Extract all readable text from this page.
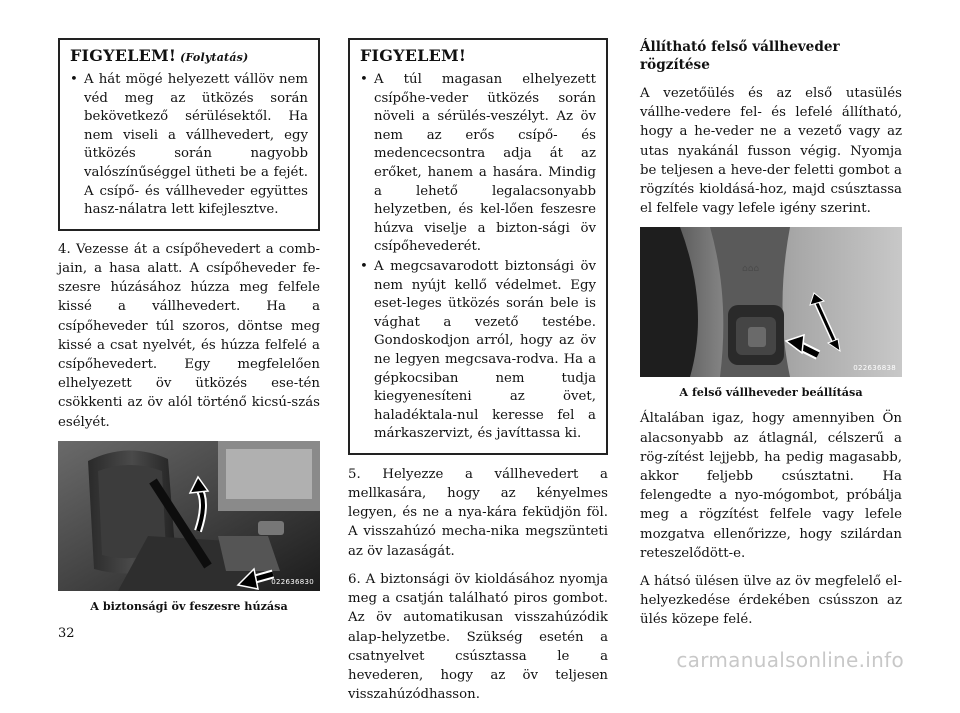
FIGYELEM! (Folytatás)
• A hát mögé helyezett vállöv nem véd meg az ütközés során bekövetkező sérülésektől. Ha nem viseli a vállhevedert, egy ütközés során nagyobb valószínűséggel ütheti be a fejét. A csípő- és vállheveder együttes hasz-nálatra lett kifejlesztve.

4. Vezesse át a csípőhevedert a comb-jain, a hasa alatt. A csípőheveder fe-szesre húzásához húzza meg felfele kissé a vállhevedert. Ha a csípőheveder túl szoros, döntse meg kissé a csat nyelvét, és húzza felfelé a csípőhevedert. Egy megfelelően elhelyezett öv ütközés ese-tén csökkenti az öv alól történő kicsú-szás esélyét.

022636830
A biztonsági öv feszesre húzása
FIGYELEM!
• A túl magasan elhelyezett csípőhe-veder ütközés során növeli a sérülés-veszélyt. Az öv nem az erős csípő- és medencecsontra adja át az erőket, hanem a hasára. Mindig a lehető legalacsonyabb helyzetben, és kel-lően feszesre húzva viselje a bizton-sági öv csípőhevederét.
• A megcsavarodott biztonsági öv nem nyújt kellő védelmet. Egy eset-leges ütközés során bele is vághat a vezető testébe. Gondoskodjon arról, hogy az öv ne legyen megcsava-rodva. Ha a gépkocsiban nem tudja kiegyenesíteni az övet, haladéktala-nul keresse fel a márkaszervizt, és javíttassa ki.

5. Helyezze a vállhevedert a mellkasára, hogy az kényelmes legyen, és ne a nya-kára feküdjön föl. A visszahúzó mecha-nika megszünteti az öv lazaságát.

6. A biztonsági öv kioldásához nyomja meg a csatján található piros gombot. Az öv automatikusan visszahúzódik alap-helyzetbe. Szükség esetén a csatnyelvet csúsztassa le a hevederen, hogy az öv teljesen visszahúzódhasson.

Állítható felső vállheveder rögzítése

A vezetőülés és az első utasülés vállhe-vedere fel- és lefelé állítható, hogy a he-veder ne a vezető vagy az utas nyakánál fusson végig. Nyomja be teljesen a heve-der feletti gombot a rögzítés kioldásá-hoz, majd csúsztassa el felfele vagy lefele igény szerint.

⌂⌂⌂
022636838
A felső vállheveder beállítása

Általában igaz, hogy amennyiben Ön alacsonyabb az átlagnál, célszerű a rög-zítést lejjebb, ha pedig magasabb, akkor feljebb csúsztatni. Ha felengedte a nyo-mógombot, próbálja meg a rögzítést felfele vagy lefele mozgatva ellenőrizze, hogy szilárdan reteszelődött-e.

A hátsó ülésen ülve az öv megfelelő el-helyezkedése érdekében csússzon az ülés közepe felé.

32
carmanualsonline.info
